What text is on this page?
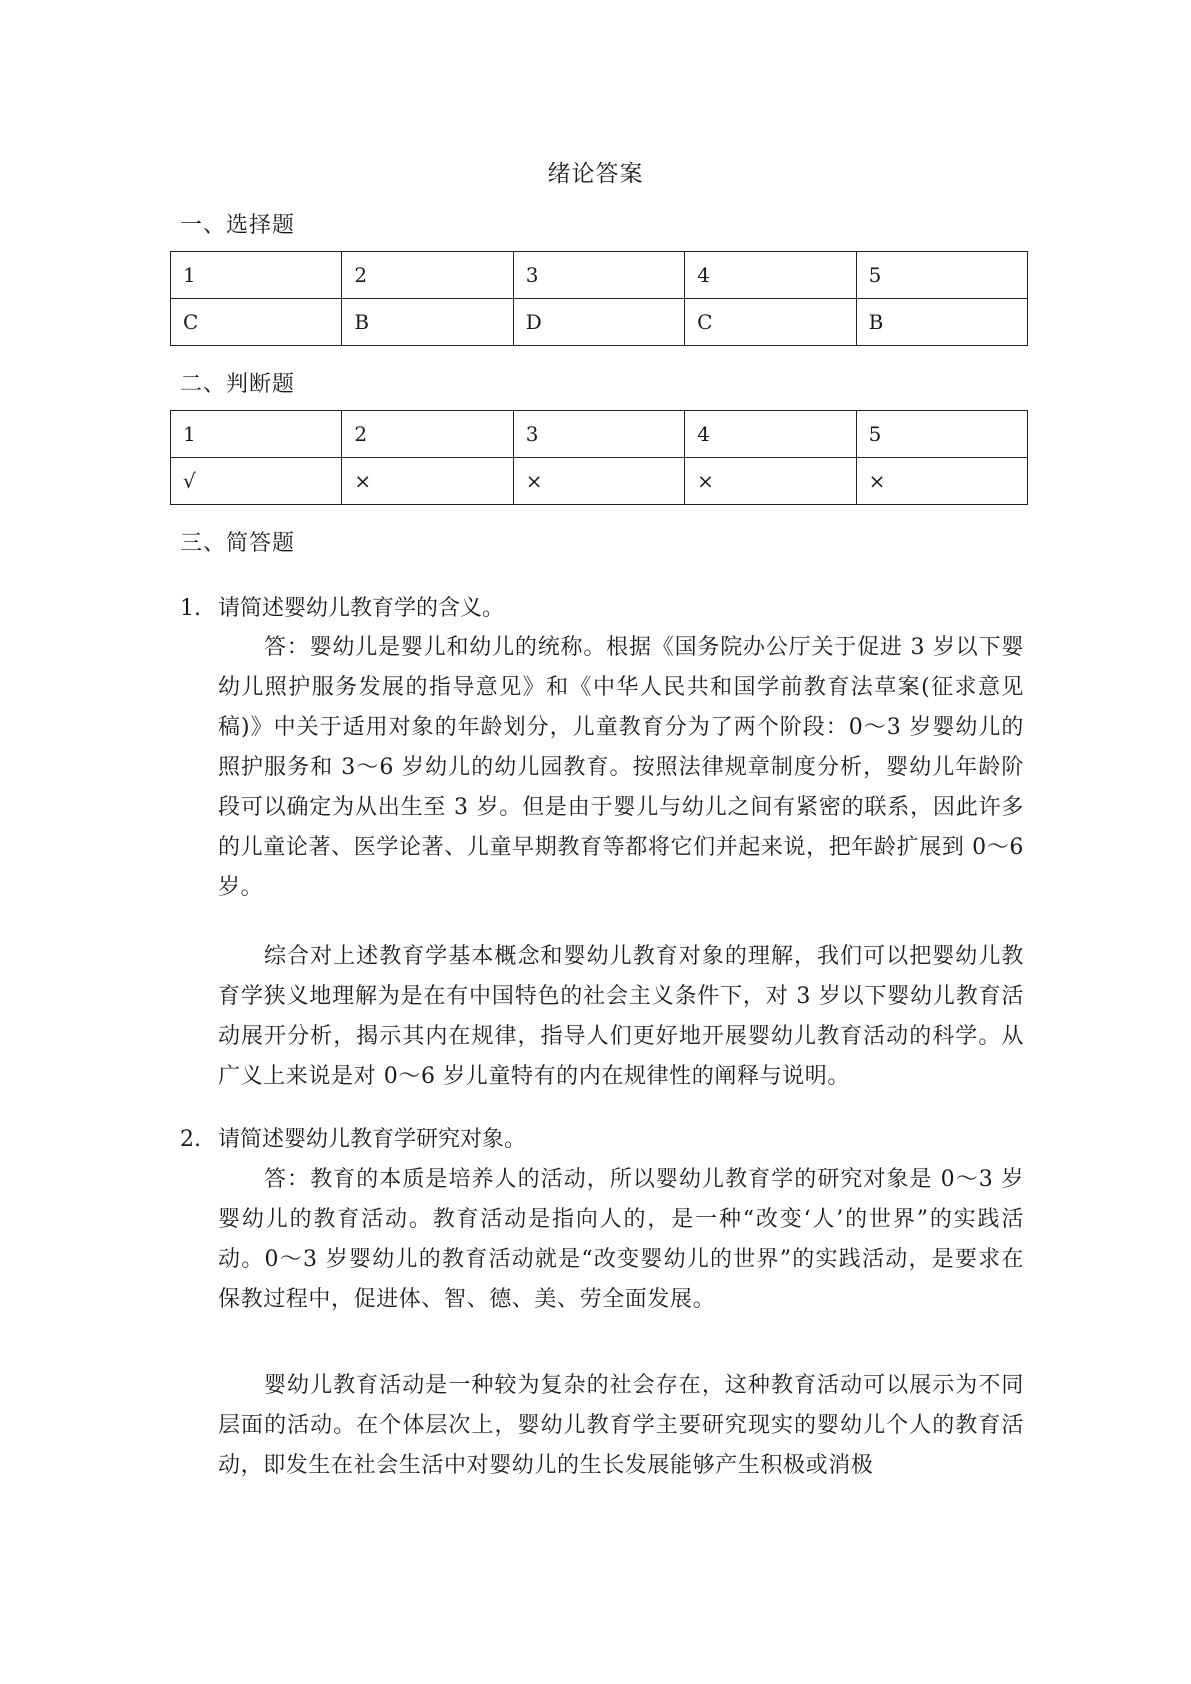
绪论答案
一、选择题
1	2	3	4	5
C	B	D	C	B
二、判断题
1	2	3	4	5
√	×	×	×	×
三、简答题
1. 请简述婴幼儿教育学的含义。

答：婴幼儿是婴儿和幼儿的统称。根据《国务院办公厅关于促进 3 岁以下婴幼儿照护服务发展的指导意见》和《中华人民共和国学前教育法草案(征求意见稿)》中关于适用对象的年龄划分，儿童教育分为了两个阶段：0～3 岁婴幼儿的照护服务和 3～6 岁幼儿的幼儿园教育。按照法律规章制度分析，婴幼儿年龄阶段可以确定为从出生至 3 岁。但是由于婴儿与幼儿之间有紧密的联系，因此许多的儿童论著、医学论著、儿童早期教育等都将它们并起来说，把年龄扩展到 0～6 岁。

综合对上述教育学基本概念和婴幼儿教育对象的理解，我们可以把婴幼儿教育学狭义地理解为是在有中国特色的社会主义条件下，对 3 岁以下婴幼儿教育活动展开分析，揭示其内在规律，指导人们更好地开展婴幼儿教育活动的科学。从广义上来说是对 0～6 岁儿童特有的内在规律性的阐释与说明。

2. 请简述婴幼儿教育学研究对象。

答：教育的本质是培养人的活动，所以婴幼儿教育学的研究对象是 0～3 岁婴幼儿的教育活动。教育活动是指向人的，是一种“改变‘人’的世界”的实践活动。0～3 岁婴幼儿的教育活动就是“改变婴幼儿的世界”的实践活动，是要求在保教过程中，促进体、智、德、美、劳全面发展。

婴幼儿教育活动是一种较为复杂的社会存在，这种教育活动可以展示为不同层面的活动。在个体层次上，婴幼儿教育学主要研究现实的婴幼儿个人的教育活动，即发生在社会生活中对婴幼儿的生长发展能够产生积极或消极
